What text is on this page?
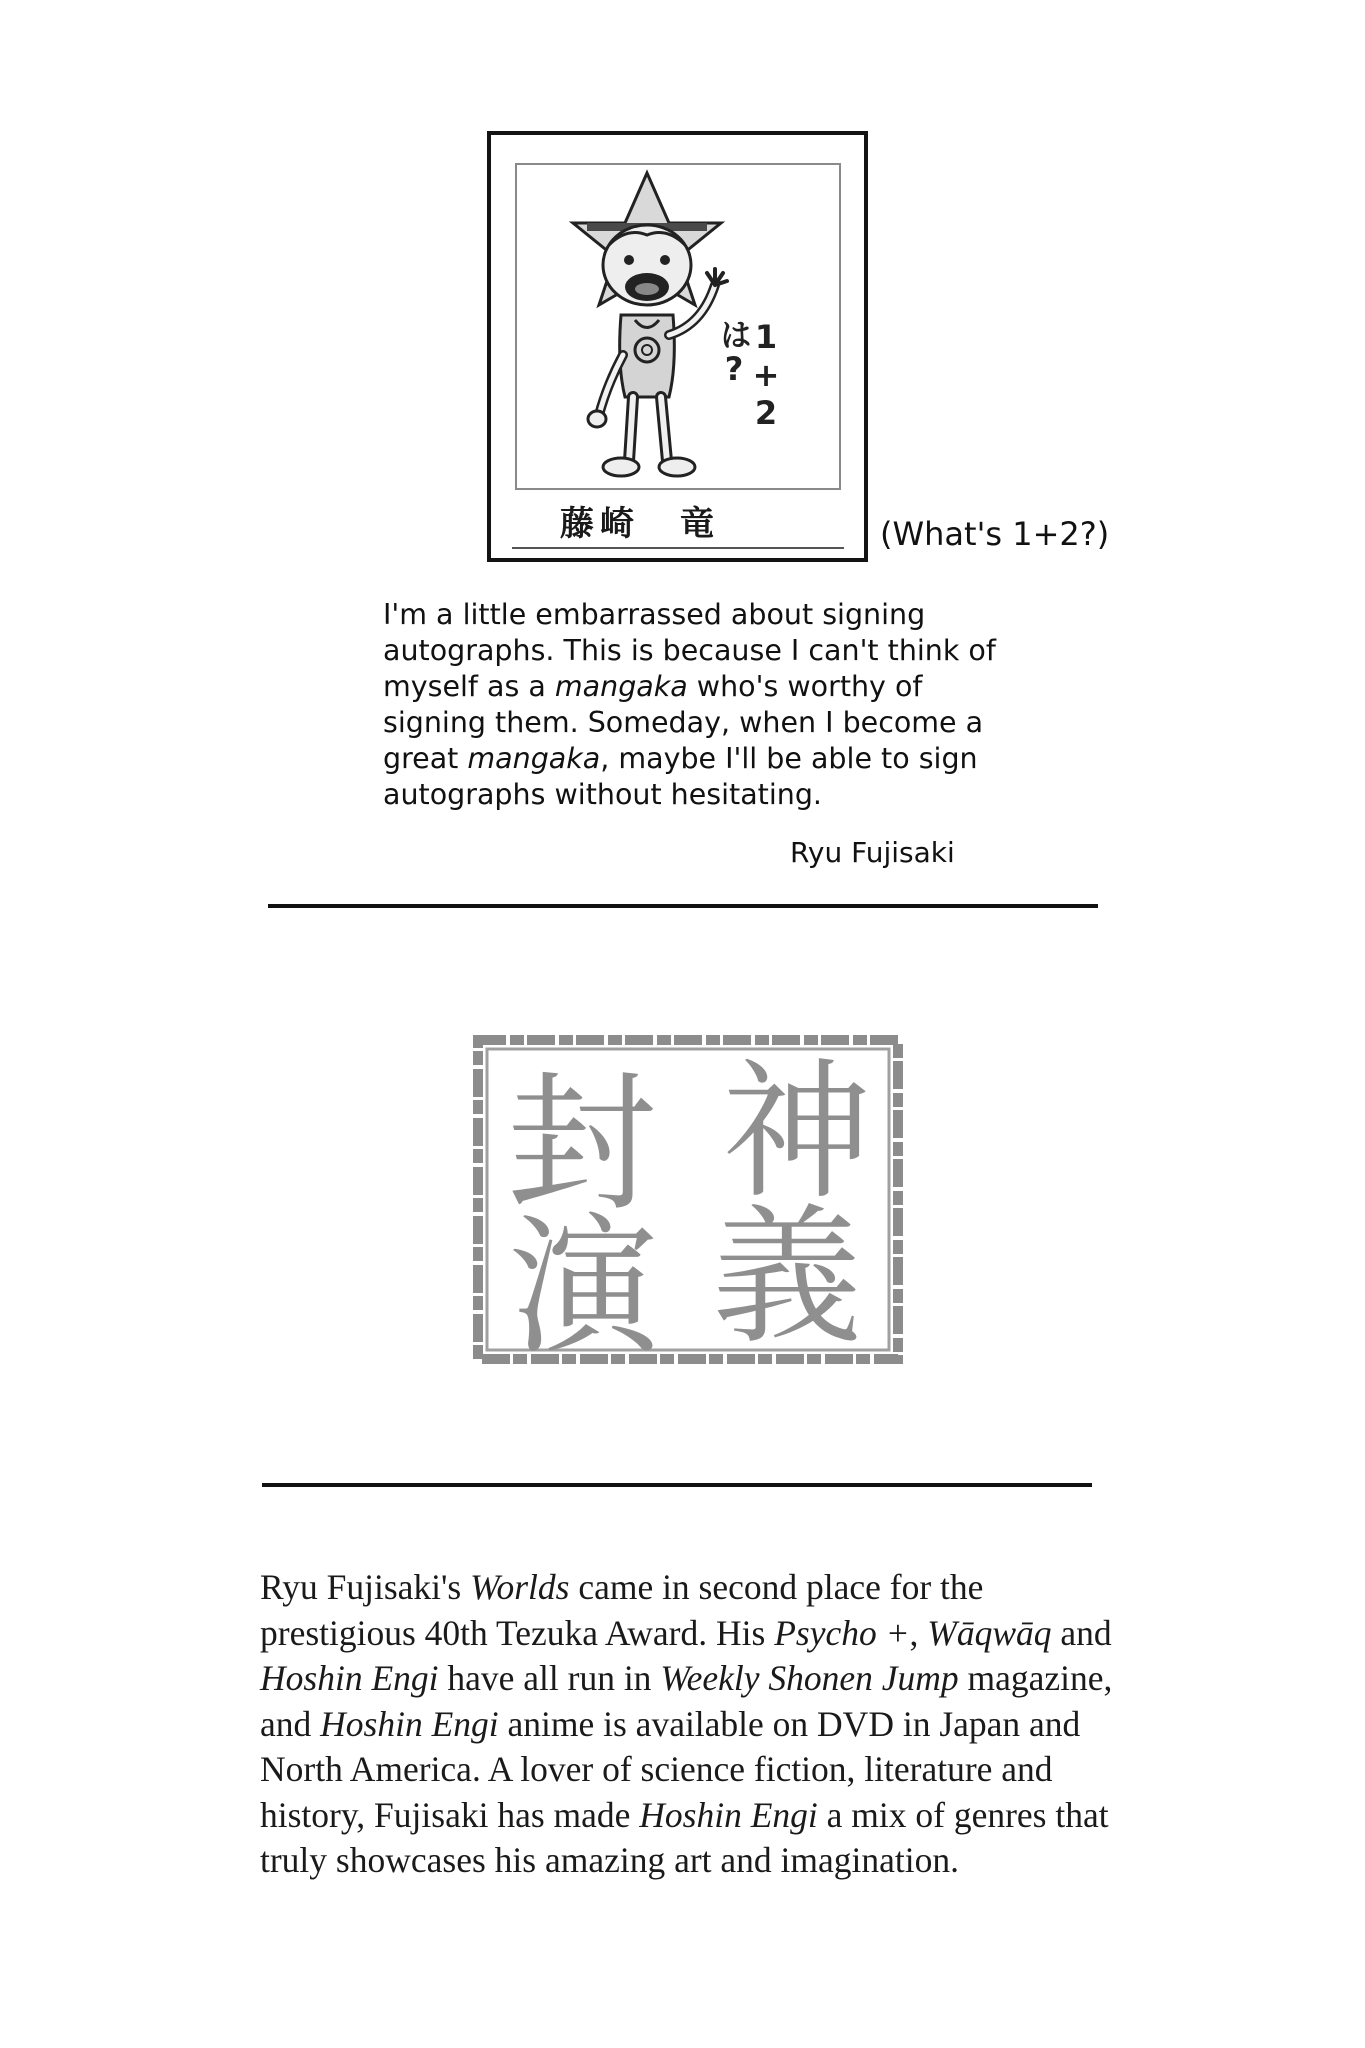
1+2は?
藤崎　竜	(What's 1+2?)
I'm a little embarrassed about signing autographs. This is because I can't think of myself as a mangaka who's worthy of signing them. Someday, when I become a great mangaka, maybe I'll be able to sign autographs without hesitating.
Ryu Fujisaki
神
封
義
演
Ryu Fujisaki's Worlds came in second place for the prestigious 40th Tezuka Award. His Psycho +, Wāqwāq and Hoshin Engi have all run in Weekly Shonen Jump magazine, and Hoshin Engi anime is available on DVD in Japan and North America. A lover of science fiction, literature and history, Fujisaki has made Hoshin Engi a mix of genres that truly showcases his amazing art and imagination.
